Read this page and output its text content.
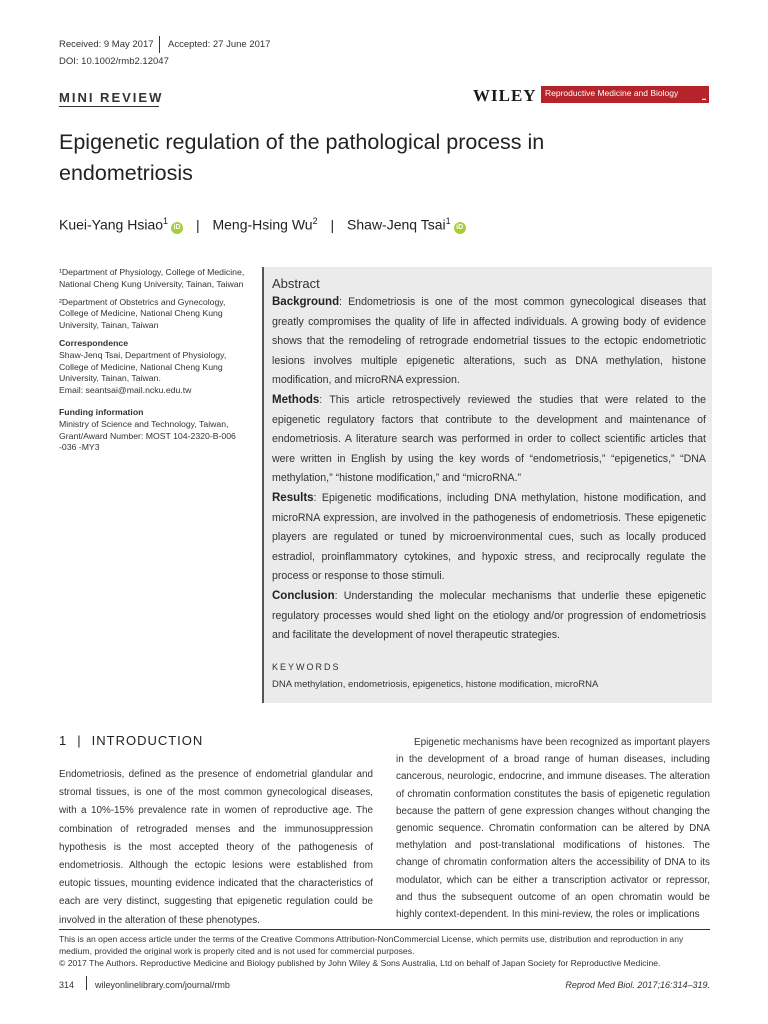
Received: 9 May 2017 Accepted: 27 June 2017
DOI: 10.1002/rmb2.12047
MINI REVIEW	WILEY Reproductive Medicine and Biology
▬
Epigenetic regulation of the pathological process in endometriosis
Kuei-Yang Hsiao$^1$iD | Meng-Hsing Wu$^2$ | Shaw-Jenq Tsai$^1$iD

¹Department of Physiology, College of Medicine, National Cheng Kung University, Tainan, Taiwan

²Department of Obstetrics and Gynecology, College of Medicine, National Cheng Kung University, Tainan, Taiwan

Correspondence

Shaw-Jenq Tsai, Department of Physiology, College of Medicine, National Cheng Kung University, Tainan, Taiwan.

Email: seantsai@mail.ncku.edu.tw

Funding information

Ministry of Science and Technology, Taiwan, Grant/Award Number: MOST 104-2320-B-006 -036 -MY3

Abstract
Background: Endometriosis is one of the most common gynecological diseases that greatly compromises the quality of life in affected individuals. A growing body of evidence shows that the remodeling of retrograde endometrial tissues to the ectopic endometriotic lesions involves multiple epigenetic alterations, such as DNA methylation, histone modification, and microRNA expression.
Methods: This article retrospectively reviewed the studies that were related to the epigenetic regulatory factors that contribute to the development and maintenance of endometriosis. A literature search was performed in order to collect scientific articles that were written in English by using the key words of “endometriosis,” “epigenetics,” “DNA methylation,” “histone modification,” and “microRNA.”
Results: Epigenetic modifications, including DNA methylation, histone modification, and microRNA expression, are involved in the pathogenesis of endometriosis. These epigenetic players are regulated or tuned by microenvironmental cues, such as locally produced estradiol, proinflammatory cytokines, and hypoxic stress, and reciprocally regulate the process or response to those stimuli.
Conclusion: Understanding the molecular mechanisms that underlie these epigenetic regulatory processes would shed light on the etiology and/or progression of endometriosis and facilitate the development of novel therapeutic strategies.
KEYWORDS
DNA methylation, endometriosis, epigenetics, histone modification, microRNA
1 | INTRODUCTION
Endometriosis, defined as the presence of endometrial glandular and stromal tissues, is one of the most common gynecological diseases, with a 10%-15% prevalence rate in women of reproductive age. The combination of retrograded menses and the immunosuppression hypothesis is the most accepted theory of the pathogenesis of endometriosis. Although the ectopic lesions were established from eutopic tissues, mounting evidence indicated that the characteristics of each are very distinct, suggesting that epigenetic regulation could be involved in the alteration of these phenotypes.
Epigenetic mechanisms have been recognized as important players in the development of a broad range of human diseases, including cancerous, neurologic, endocrine, and immune diseases. The alteration of chromatin conformation constitutes the basis of epigenetic regulation because the pattern of gene expression changes without changing the genomic sequence. Chromatin conformation can be altered by DNA methylation and post-translational modifications of histones. The change of chromatin conformation alters the accessibility of DNA to its modulator, which can be either a transcription activator or repressor, and thus the subsequent outcome of an open chromatin would be highly context-dependent. In this mini-review, the roles or implications
This is an open access article under the terms of the Creative Commons Attribution-NonCommercial License, which permits use, distribution and reproduction in any medium, provided the original work is properly cited and is not used for commercial purposes.
© 2017 The Authors. Reproductive Medicine and Biology published by John Wiley & Sons Australia, Ltd on behalf of Japan Society for Reproductive Medicine.
314 wileyonlinelibrary.com/journal/rmb	Reprod Med Biol. 2017;16:314–319.
